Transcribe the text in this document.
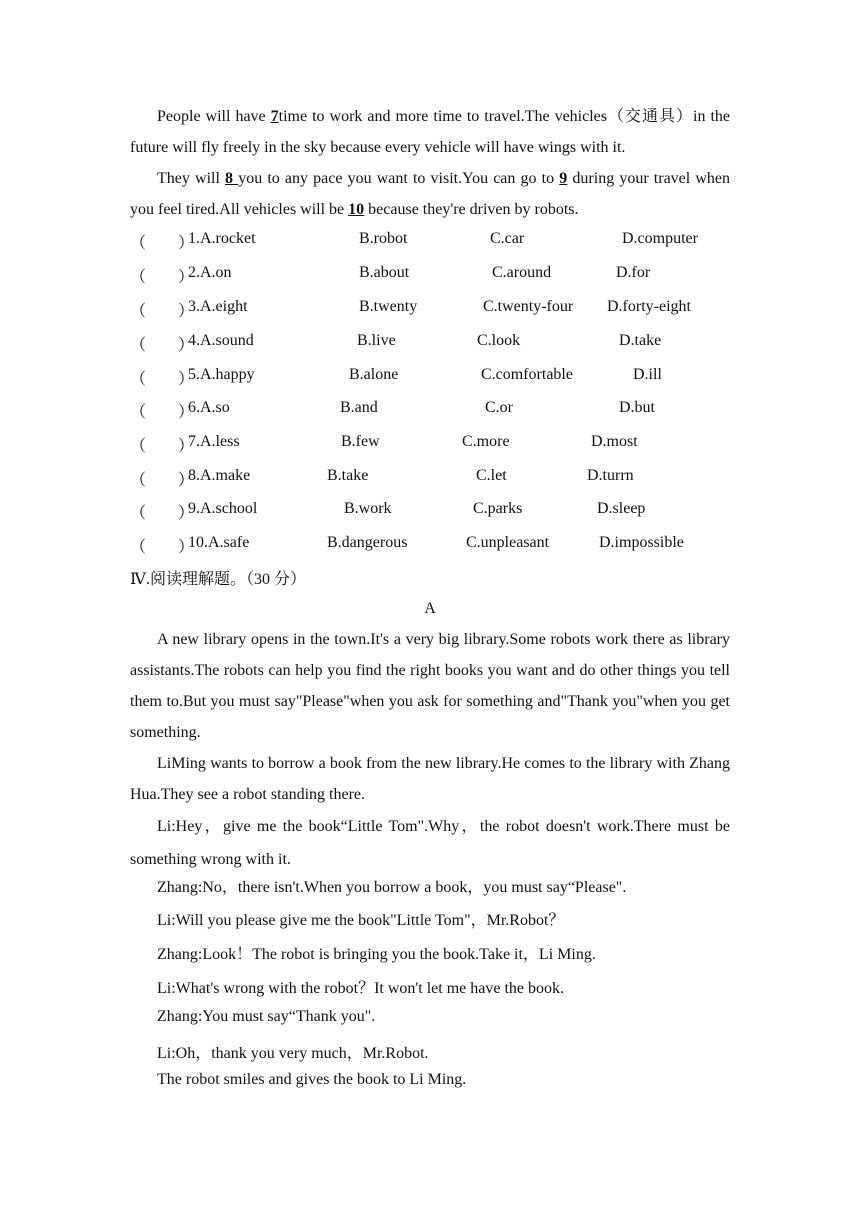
People will have 7time to work and more time to travel.The vehicles（交通具）in the future will fly freely in the sky because every vehicle will have wings with it.

They will 8 you to any pace you want to visit.You can go to 9 during your travel when you feel tired.All vehicles will be 10 because they're driven by robots.

（　　）
1.A.rocket	B.robot	C.car	D.computer
（　　）
2.A.on	B.about	C.around	D.for
（　　）
3.A.eight	B.twenty	C.twenty-four D.forty-eight
（　　）
4.A.sound	B.live	C.look	D.take
（　　）
5.A.happy	B.alone	C.comfortable	D.ill
（　　）
6.A.so	B.and	C.or	D.but
（　　）
7.A.less	B.few	C.more	D.most
（　　）
8.A.make	B.take	C.let	D.turrn
（　　）
9.A.school	B.work	C.parks	D.sleep
（　　）
10.A.safe	B.dangerous	C.unpleasant	D.impossible
Ⅳ.阅读理解题。（30 分）
A

A new library opens in the town.It's a very big library.Some robots work there as library assistants.The robots can help you find the right books you want and do other things you tell them to.But you must say"Please"when you ask for something and"Thank you"when you get something.

LiMing wants to borrow a book from the new library.He comes to the library with Zhang Hua.They see a robot standing there.

Li:Hey，give me the book“Little Tom".Why，the robot doesn't work.There must be something wrong with it.

Zhang:No，there isn't.When you borrow a book，you must say“Please".
Li:Will you please give me the book"Little Tom"，Mr.Robot？
Zhang:Look！The robot is bringing you the book.Take it，Li Ming.
Li:What's wrong with the robot？It won't let me have the book.
Zhang:You must say“Thank you".
Li:Oh，thank you very much，Mr.Robot.
The robot smiles and gives the book to Li Ming.
